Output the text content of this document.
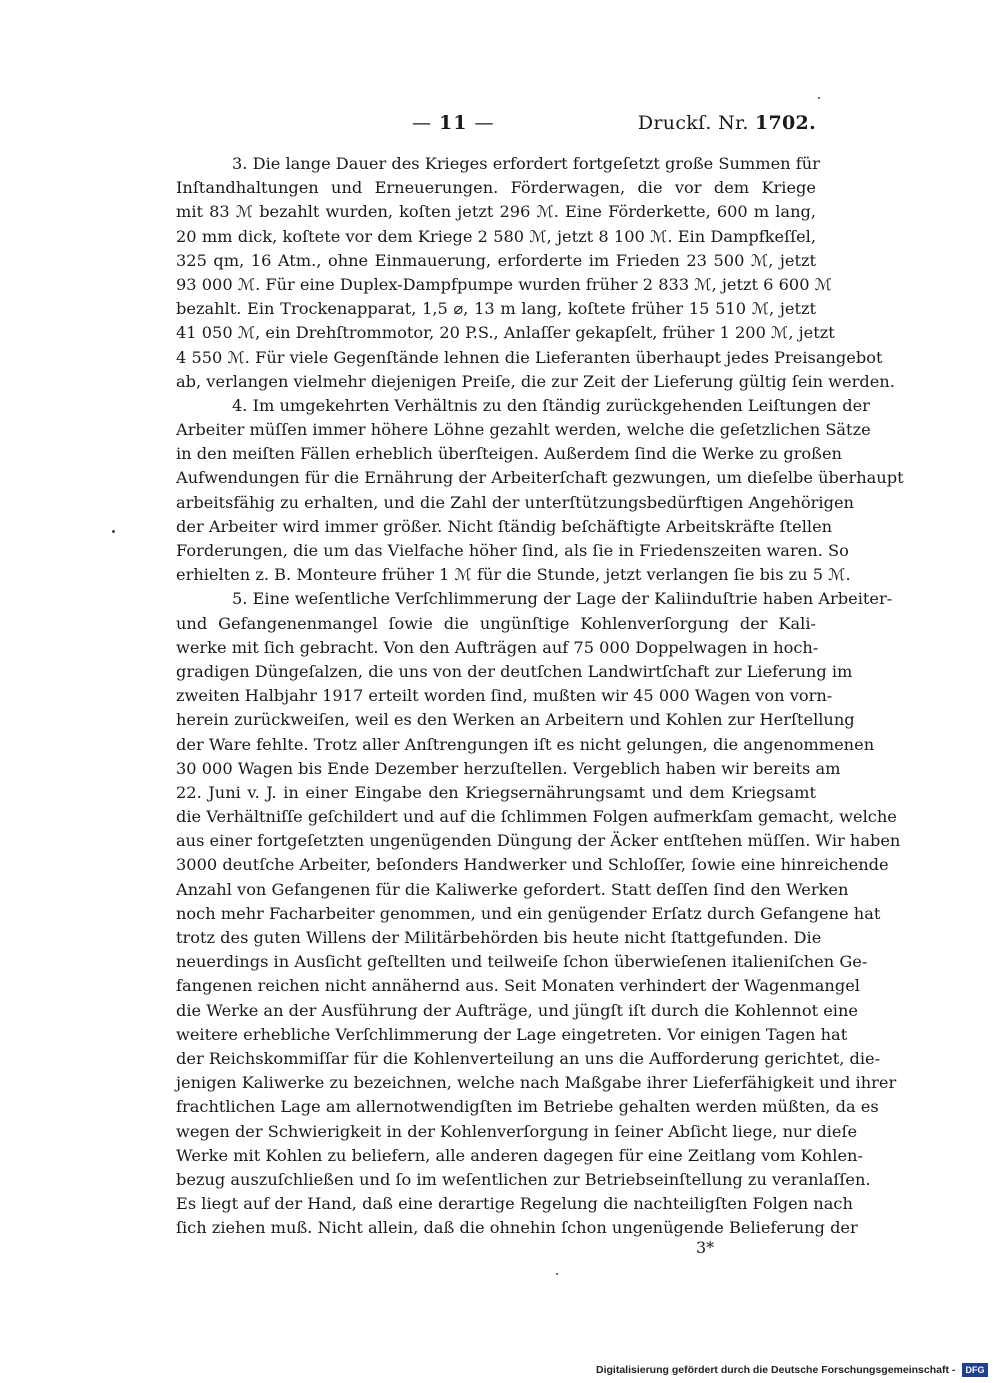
— 11 —	Druckſ. Nr. 1702.
3. Die lange Dauer des Krieges erfordert fortgeſetzt große Summen für
Inſtandhaltungen und Erneuerungen. Förderwagen, die vor dem Kriege
mit 83 ℳ bezahlt wurden, koſten jetzt 296 ℳ. Eine Förderkette, 600 m lang,
20 mm dick, koſtete vor dem Kriege 2 580 ℳ, jetzt 8 100 ℳ. Ein Dampfkeſſel,
325 qm, 16 Atm., ohne Einmauerung, erforderte im Frieden 23 500 ℳ, jetzt
93 000 ℳ. Für eine Duplex-Dampfpumpe wurden früher 2 833 ℳ, jetzt 6 600 ℳ
bezahlt. Ein Trockenapparat, 1,5 ⌀, 13 m lang, koſtete früher 15 510 ℳ, jetzt
41 050 ℳ, ein Drehſtrommotor, 20 P.S., Anlaſſer gekapſelt, früher 1 200 ℳ, jetzt
4 550 ℳ. Für viele Gegenſtände lehnen die Lieferanten überhaupt jedes Preisangebot
ab, verlangen vielmehr diejenigen Preiſe, die zur Zeit der Lieferung gültig ſein werden.
4. Im umgekehrten Verhältnis zu den ſtändig zurückgehenden Leiſtungen der
Arbeiter müſſen immer höhere Löhne gezahlt werden, welche die geſetzlichen Sätze
in den meiſten Fällen erheblich überſteigen. Außerdem ſind die Werke zu großen
Aufwendungen für die Ernährung der Arbeiterſchaft gezwungen, um dieſelbe überhaupt
arbeitsfähig zu erhalten, und die Zahl der unterſtützungsbedürftigen Angehörigen
der Arbeiter wird immer größer. Nicht ſtändig beſchäftigte Arbeitskräfte ſtellen
Forderungen, die um das Vielfache höher ſind, als ſie in Friedenszeiten waren. So
erhielten z. B. Monteure früher 1 ℳ für die Stunde, jetzt verlangen ſie bis zu 5 ℳ.
5. Eine weſentliche Verſchlimmerung der Lage der Kaliinduſtrie haben Arbeiter-
und Gefangenenmangel ſowie die ungünſtige Kohlenverſorgung der Kali-
werke mit ſich gebracht. Von den Aufträgen auf 75 000 Doppelwagen in hoch-
gradigen Düngeſalzen, die uns von der deutſchen Landwirtſchaft zur Lieferung im
zweiten Halbjahr 1917 erteilt worden ſind, mußten wir 45 000 Wagen von vorn-
herein zurückweiſen, weil es den Werken an Arbeitern und Kohlen zur Herſtellung
der Ware fehlte. Trotz aller Anſtrengungen iſt es nicht gelungen, die angenommenen
30 000 Wagen bis Ende Dezember herzuſtellen. Vergeblich haben wir bereits am
22. Juni v. J. in einer Eingabe den Kriegsernährungsamt und dem Kriegsamt
die Verhältniſſe geſchildert und auf die ſchlimmen Folgen aufmerkſam gemacht, welche
aus einer fortgeſetzten ungenügenden Düngung der Äcker entſtehen müſſen. Wir haben
3000 deutſche Arbeiter, beſonders Handwerker und Schloſſer, ſowie eine hinreichende
Anzahl von Gefangenen für die Kaliwerke gefordert. Statt deſſen ſind den Werken
noch mehr Facharbeiter genommen, und ein genügender Erſatz durch Gefangene hat
trotz des guten Willens der Militärbehörden bis heute nicht ſtattgefunden. Die
neuerdings in Ausſicht geſtellten und teilweiſe ſchon überwieſenen italieniſchen Ge-
fangenen reichen nicht annähernd aus. Seit Monaten verhindert der Wagenmangel
die Werke an der Ausführung der Aufträge, und jüngſt iſt durch die Kohlennot eine
weitere erhebliche Verſchlimmerung der Lage eingetreten. Vor einigen Tagen hat
der Reichskommiſſar für die Kohlenverteilung an uns die Aufforderung gerichtet, die-
jenigen Kaliwerke zu bezeichnen, welche nach Maßgabe ihrer Lieferfähigkeit und ihrer
frachtlichen Lage am allernotwendigſten im Betriebe gehalten werden müßten, da es
wegen der Schwierigkeit in der Kohlenverſorgung in ſeiner Abſicht liege, nur dieſe
Werke mit Kohlen zu beliefern, alle anderen dagegen für eine Zeitlang vom Kohlen-
bezug auszuſchließen und ſo im weſentlichen zur Betriebseinſtellung zu veranlaſſen.
Es liegt auf der Hand, daß eine derartige Regelung die nachteiligſten Folgen nach
ſich ziehen muß. Nicht allein, daß die ohnehin ſchon ungenügende Belieferung der
3*
Digitalisierung gefördert durch die Deutsche Forschungsgemeinschaft -	DFG
